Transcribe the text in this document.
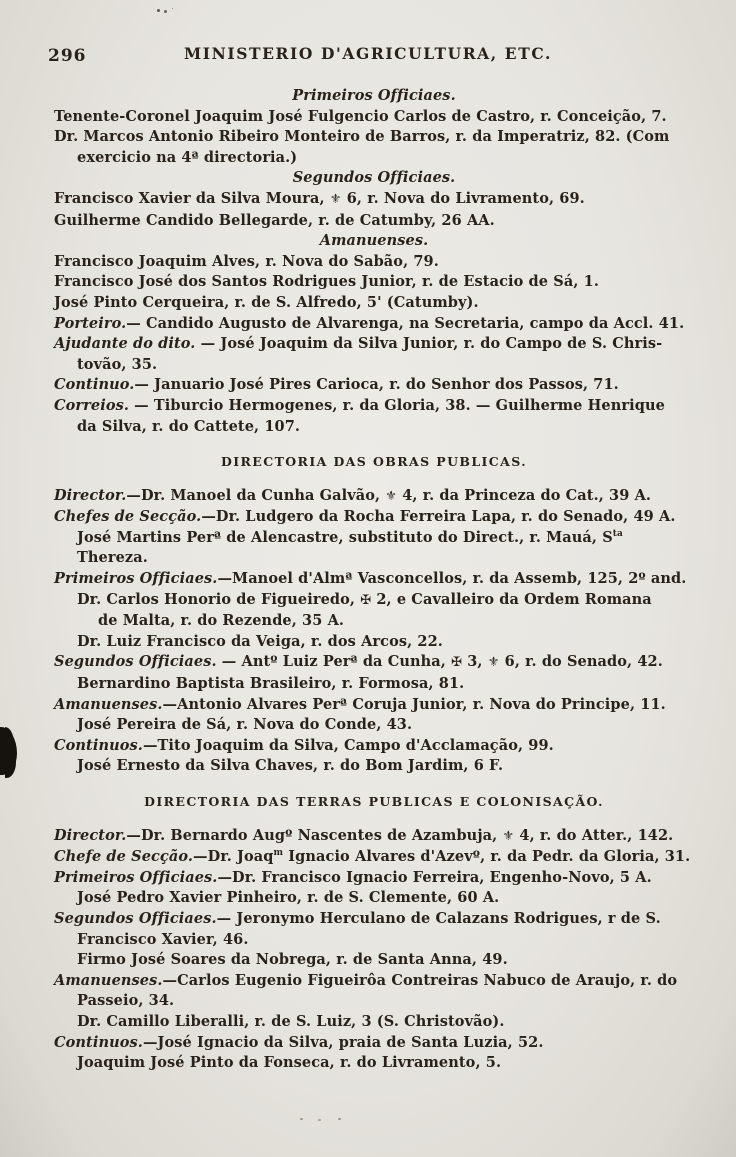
296	MINISTERIO D'AGRICULTURA, ETC.

Primeiros Officiaes.

Tenente-Coronel Joaquim José Fulgencio Carlos de Castro, r. Conceição, 7.

Dr. Marcos Antonio Ribeiro Monteiro de Barros, r. da Imperatriz, 82. (Com

exercicio na 4ª directoria.)

Segundos Officiaes.

Francisco Xavier da Silva Moura, ⚜ 6, r. Nova do Livramento, 69.

Guilherme Candido Bellegarde, r. de Catumby, 26 AA.

Amanuenses.

Francisco Joaquim Alves, r. Nova do Sabão, 79.

Francisco José dos Santos Rodrigues Junior, r. de Estacio de Sá, 1.

José Pinto Cerqueira, r. de S. Alfredo, 5' (Catumby).

Porteiro.— Candido Augusto de Alvarenga, na Secretaria, campo da Accl. 41.

Ajudante do dito. — José Joaquim da Silva Junior, r. do Campo de S. Chris-

tovão, 35.

Continuo.— Januario José Pires Carioca, r. do Senhor dos Passos, 71.

Correios. — Tiburcio Hermogenes, r. da Gloria, 38. — Guilherme Henrique

da Silva, r. do Cattete, 107.

DIRECTORIA DAS OBRAS PUBLICAS.

Director.—Dr. Manoel da Cunha Galvão, ⚜ 4, r. da Princeza do Cat., 39 A.

Chefes de Secção.—Dr. Ludgero da Rocha Ferreira Lapa, r. do Senado, 49 A.

José Martins Perª de Alencastre, substituto do Direct., r. Mauá, $S^{ta}$ Thereza.

Primeiros Officiaes.—Manoel d'Almª Vasconcellos, r. da Assemb, 125, 2º and.

Dr. Carlos Honorio de Figueiredo, ✠ 2, e Cavalleiro da Ordem Romana

de Malta, r. do Rezende, 35 A.

Dr. Luiz Francisco da Veiga, r. dos Arcos, 22.

Segundos Officiaes. — Antº Luiz Perª da Cunha, ✠ 3, ⚜ 6, r. do Senado, 42.

Bernardino Baptista Brasileiro, r. Formosa, 81.

Amanuenses.—Antonio Alvares Perª Coruja Junior, r. Nova do Principe, 11.

José Pereira de Sá, r. Nova do Conde, 43.

Continuos.—Tito Joaquim da Silva, Campo d'Acclamação, 99.

José Ernesto da Silva Chaves, r. do Bom Jardim, 6 F.

DIRECTORIA DAS TERRAS PUBLICAS E COLONISAÇÃO.

Director.—Dr. Bernardo Augº Nascentes de Azambuja, ⚜ 4, r. do Atter., 142.

Chefe de Secção.—Dr. Joaq$^m$ Ignacio Alvares d'Azevº, r. da Pedr. da Gloria, 31.

Primeiros Officiaes.—Dr. Francisco Ignacio Ferreira, Engenho-Novo, 5 A.

José Pedro Xavier Pinheiro, r. de S. Clemente, 60 A.

Segundos Officiaes.— Jeronymo Herculano de Calazans Rodrigues, r de S.

Francisco Xavier, 46.

Firmo José Soares da Nobrega, r. de Santa Anna, 49.

Amanuenses.—Carlos Eugenio Figueirôa Contreiras Nabuco de Araujo, r. do

Passeio, 34.

Dr. Camillo Liberalli, r. de S. Luiz, 3 (S. Christovão).

Continuos.—José Ignacio da Silva, praia de Santa Luzia, 52.

Joaquim José Pinto da Fonseca, r. do Livramento, 5.
